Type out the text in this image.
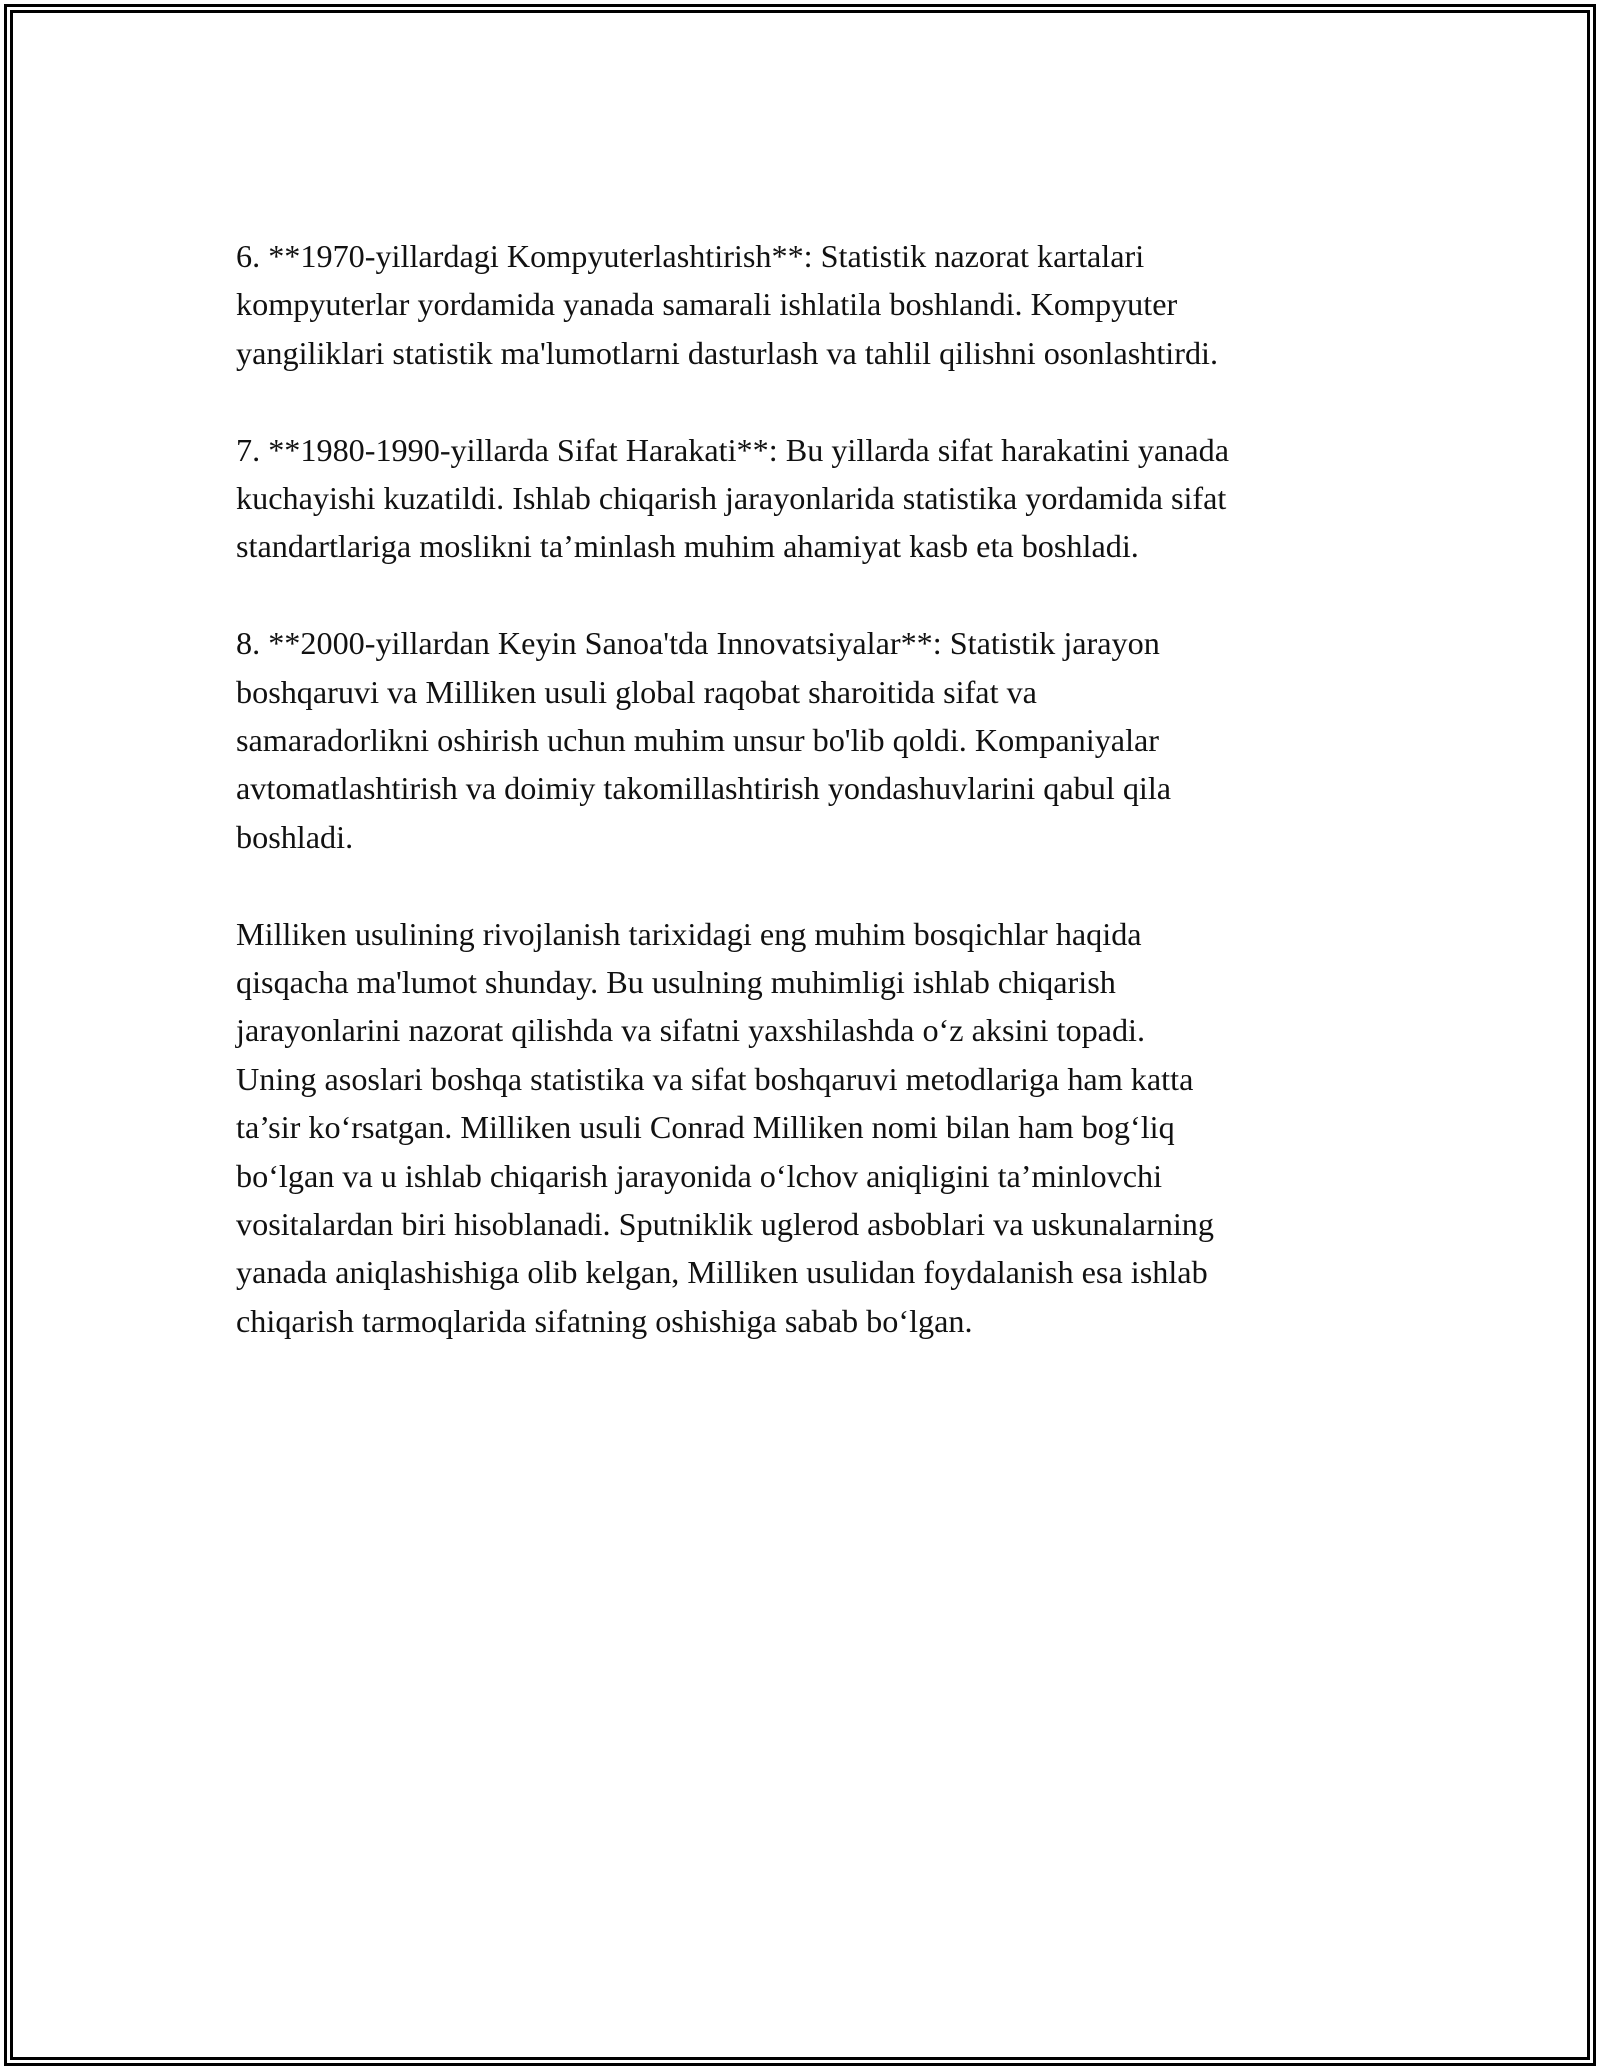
6. **1970-yillardagi Kompyuterlashtirish**: Statistik nazorat kartalari
kompyuterlar yordamida yanada samarali ishlatila boshlandi. Kompyuter
yangiliklari statistik ma'lumotlarni dasturlash va tahlil qilishni osonlashtirdi.

7. **1980-1990-yillarda Sifat Harakati**: Bu yillarda sifat harakatini yanada
kuchayishi kuzatildi. Ishlab chiqarish jarayonlarida statistika yordamida sifat
standartlariga moslikni ta’minlash muhim ahamiyat kasb eta boshladi.

8. **2000-yillardan Keyin Sanoa'tda Innovatsiyalar**: Statistik jarayon
boshqaruvi va Milliken usuli global raqobat sharoitida sifat va
samaradorlikni oshirish uchun muhim unsur bo'lib qoldi. Kompaniyalar
avtomatlashtirish va doimiy takomillashtirish yondashuvlarini qabul qila
boshladi.

Milliken usulining rivojlanish tarixidagi eng muhim bosqichlar haqida
qisqacha ma'lumot shunday. Bu usulning muhimligi ishlab chiqarish
jarayonlarini nazorat qilishda va sifatni yaxshilashda o‘z aksini topadi.
Uning asoslari boshqa statistika va sifat boshqaruvi metodlariga ham katta
ta’sir ko‘rsatgan. Milliken usuli Conrad Milliken nomi bilan ham bog‘liq
bo‘lgan va u ishlab chiqarish jarayonida o‘lchov aniqligini ta’minlovchi
vositalardan biri hisoblanadi. Sputniklik uglerod asboblari va uskunalarning
yanada aniqlashishiga olib kelgan, Milliken usulidan foydalanish esa ishlab
chiqarish tarmoqlarida sifatning oshishiga sabab bo‘lgan.
